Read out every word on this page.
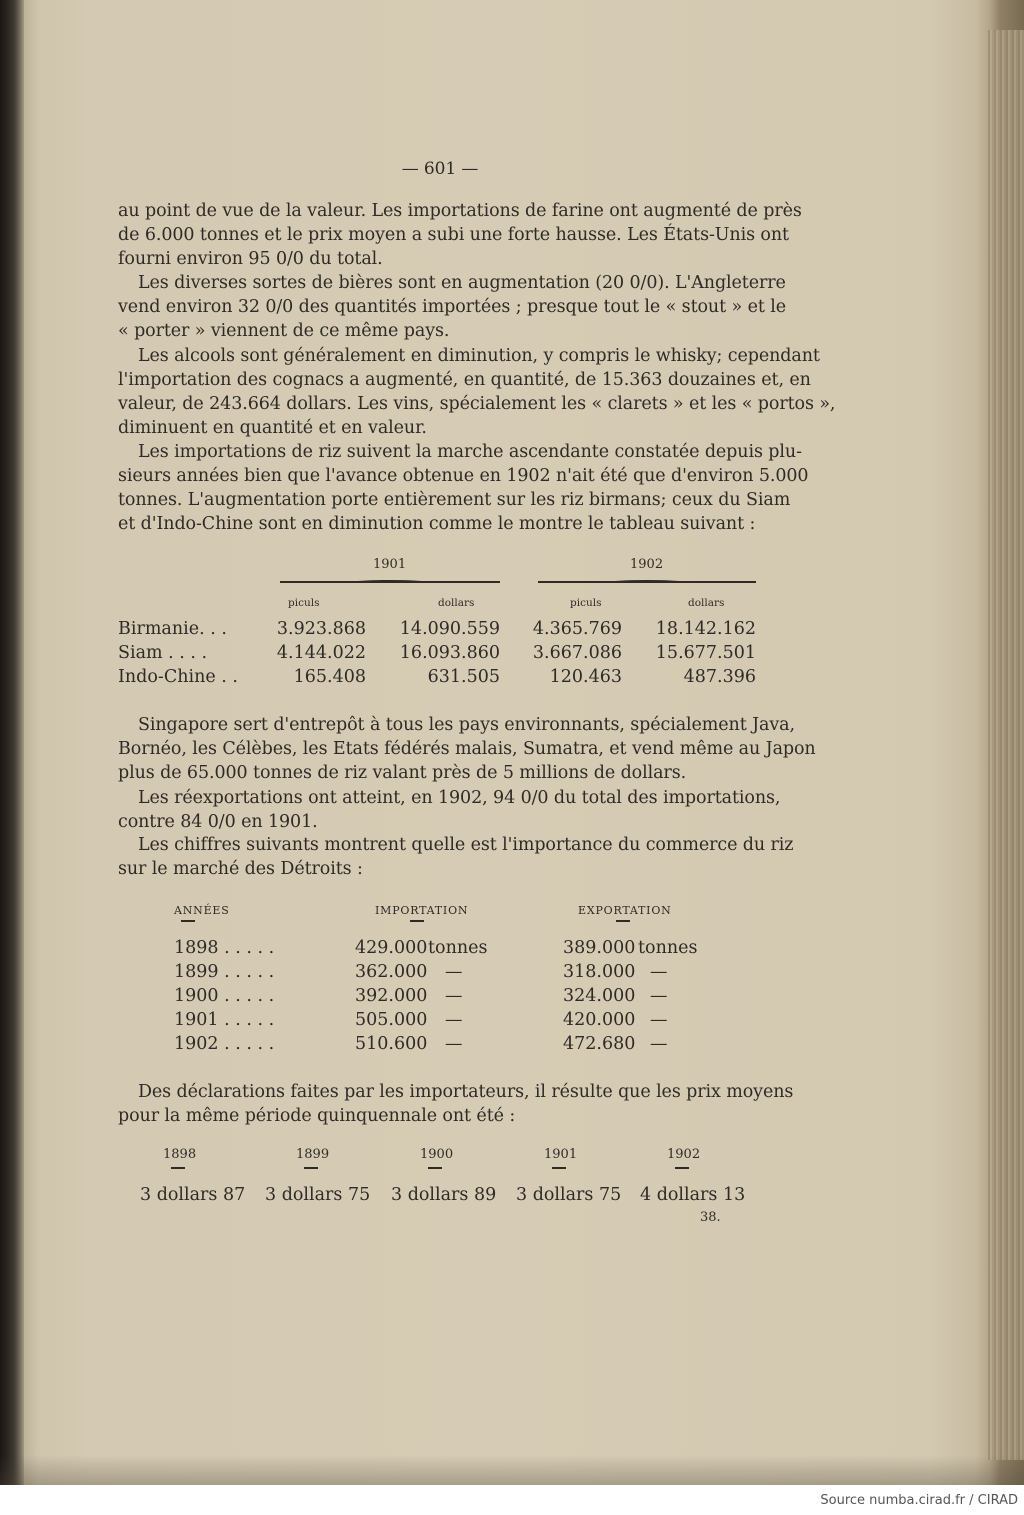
— 601 —
au point de vue de la valeur. Les importations de farine ont augmenté de près
de 6.000 tonnes et le prix moyen a subi une forte hausse. Les États-Unis ont
fourni environ 95 0/0 du total.
Les diverses sortes de bières sont en augmentation (20 0/0). L'Angleterre
vend environ 32 0/0 des quantités importées ; presque tout le « stout » et le
« porter » viennent de ce même pays.
Les alcools sont généralement en diminution, y compris le whisky; cependant
l'importation des cognacs a augmenté, en quantité, de 15.363 douzaines et, en
valeur, de 243.664 dollars. Les vins, spécialement les « clarets » et les « portos »,
diminuent en quantité et en valeur.
Les importations de riz suivent la marche ascendante constatée depuis plu-
sieurs années bien que l'avance obtenue en 1902 n'ait été que d'environ 5.000
tonnes. L'augmentation porte entièrement sur les riz birmans; ceux du Siam
et d'Indo-Chine sont en diminution comme le montre le tableau suivant :
1901	1902
piculs	dollars	piculs	dollars
Birmanie. . .	3.923.868 14.090.559 4.365.769 18.142.162
Siam . . . .	4.144.022 16.093.860 3.667.086 15.677.501
Indo-Chine . .	165.408	631.505	120.463	487.396
Singapore sert d'entrepôt à tous les pays environnants, spécialement Java,
Bornéo, les Célèbes, les Etats fédérés malais, Sumatra, et vend même au Japon
plus de 65.000 tonnes de riz valant près de 5 millions de dollars.
Les réexportations ont atteint, en 1902, 94 0/0 du total des importations,
contre 84 0/0 en 1901.
Les chiffres suivants montrent quelle est l'importance du commerce du riz
sur le marché des Détroits :
ANNÉES	IMPORTATION	EXPORTATION
1898 . . . . .	429.000 tonnes	389.000 tonnes
1899 . . . . .	362.000 —	318.000 —
1900 . . . . .	392.000 —	324.000 —
1901 . . . . .	505.000 —	420.000 —
1902 . . . . .	510.600 —	472.680 —
Des déclarations faites par les importateurs, il résulte que les prix moyens
pour la même période quinquennale ont été :
1898	1899	1900	1901	1902
3 dollars 87 3 dollars 75 3 dollars 89 3 dollars 75 4 dollars 13
38.
Source numba.cirad.fr / CIRAD
